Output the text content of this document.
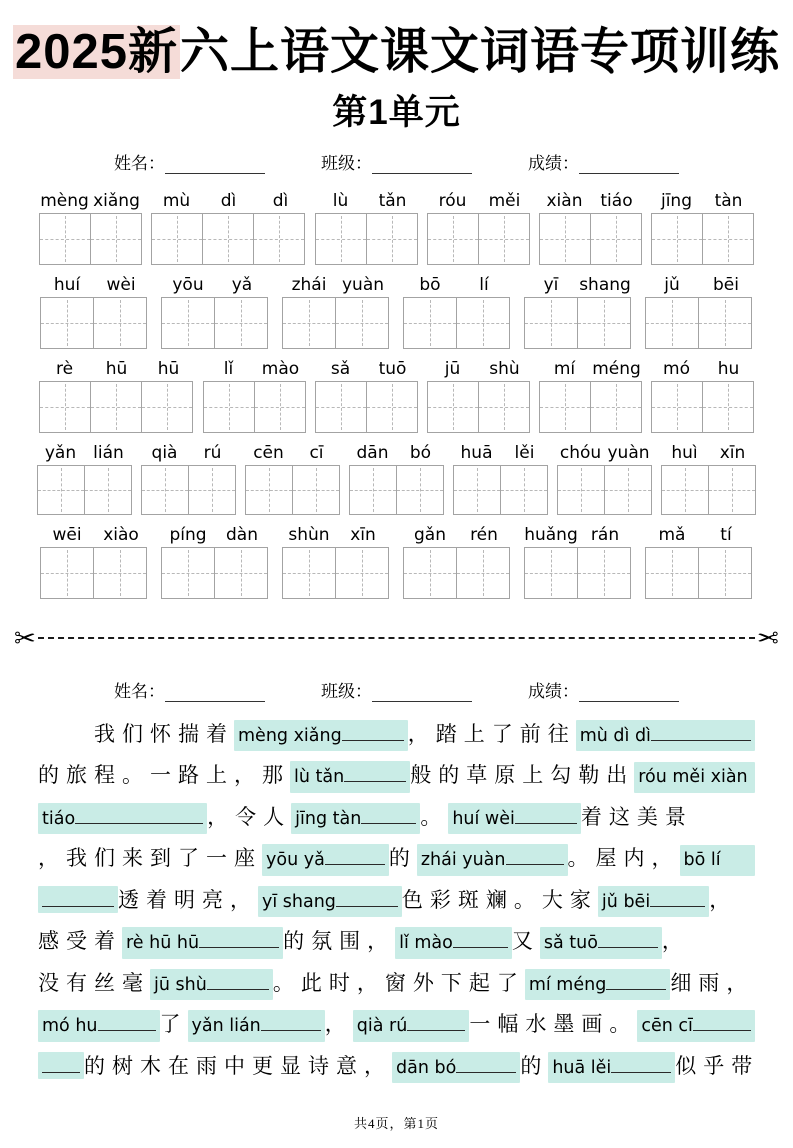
2025新六上语文课文词语专项训练
第1单元
姓名：	班级：	成绩：
mèng xiǎng	mù	dì	dì	lù	tǎn	róu	měi	xiàn	tiáo	jīng	tàn
huí	wèi	yōu	yǎ	zhái yuàn	bō	lí	yī	shang	jǔ	bēi
rè	hū	hū	lǐ	mào	sǎ	tuō	jū	shù	mí	méng	mó	hu
yǎn	lián	qià	rú	cēn	cī	dān	bó	huā	lěi	chóu yuàn	huì	xīn
wēi	xiào	píng	dàn	shùn	xīn	gǎn	rén	huǎng rán	mǎ	tí
✂	✂
姓名：	班级：	成绩：
我们怀揣着 mèng xiǎng	，踏上了前往 mù dì dì
的旅程。一路上，那 lù tǎn	般的草原上勾勒出 róu měi xiàn
tiáo	，令人 jīng tàn	。 huí wèi	着这美景
，我们来到了一座 yōu yǎ	的 zhái yuàn	。屋内， bō lí
透着明亮， yī shang	色彩斑斓。大家 jǔ bēi	，
感受着 rè hū hū	的氛围， lǐ mào	又 sǎ tuō	，
没有丝毫 jū shù	。此时，窗外下起了 mí méng	细雨，
mó hu	了 yǎn lián	， qià rú	一幅水墨画。 cēn cī
的树木在雨中更显诗意， dān bó	的 huā lěi	似乎带
共4页，第1页
